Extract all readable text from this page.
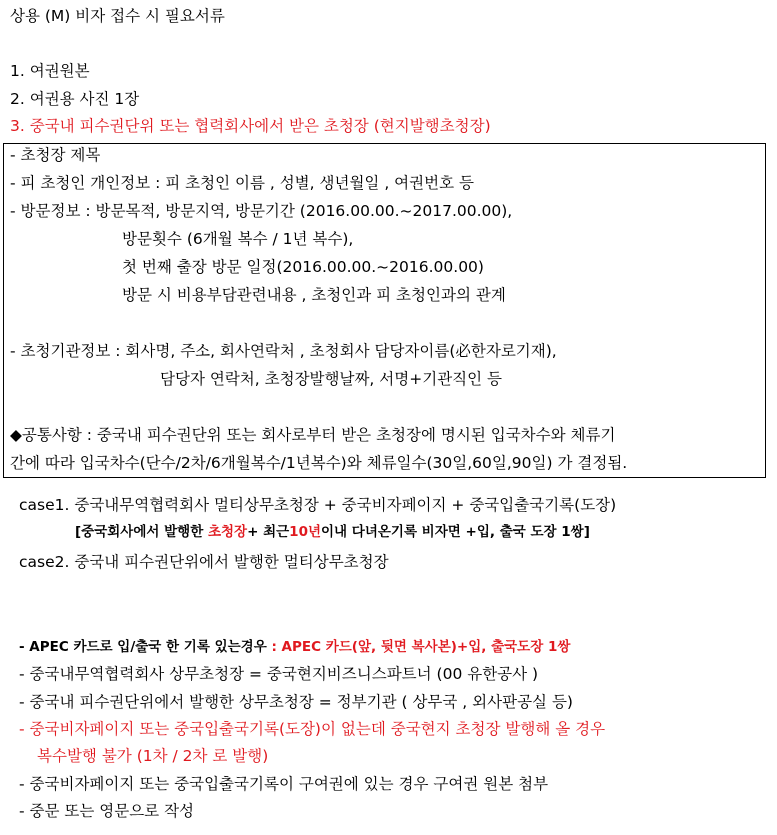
상용 (M) 비자 접수 시 필요서류
1. 여권원본
2. 여권용 사진 1장
3. 중국내 피수권단위 또는 협력회사에서 받은 초청장 (현지발행초청장)
- 초청장 제목
- 피 초청인 개인정보 : 피 초청인 이름 , 성별, 생년월일 , 여권번호 등
- 방문정보 : 방문목적, 방문지역, 방문기간 (2016.00.00.~2017.00.00),
방문횟수 (6개월 복수 / 1년 복수),
첫 번째 출장 방문 일정(2016.00.00.~2016.00.00)
방문 시 비용부담관련내용 , 초청인과 피 초청인과의 관계
- 초청기관정보 : 회사명, 주소, 회사연락처 , 초청회사 담당자이름(必한자로기재),
담당자 연락처, 초청장발행날짜, 서명+기관직인 등
◆공통사항 : 중국내 피수권단위 또는 회사로부터 받은 초청장에 명시된 입국차수와 체류기
간에 따라 입국차수(단수/2차/6개월복수/1년복수)와 체류일수(30일,60일,90일) 가 결정됨.
case1. 중국내무역협력회사 멀티상무초청장 + 중국비자페이지 + 중국입출국기록(도장)
[중국회사에서 발행한 초청장+ 최근10년이내 다녀온기록 비자면 +입, 출국 도장 1쌍]
case2. 중국내 피수권단위에서 발행한 멀티상무초청장
- APEC 카드로 입/출국 한 기록 있는경우 : APEC 카드(앞, 뒷면 복사본)+입, 출국도장 1쌍
- 중국내무역협력회사 상무초청장 = 중국현지비즈니스파트너 (00 유한공사 )
- 중국내 피수권단위에서 발행한 상무초청장 = 정부기관 ( 상무국 , 외사판공실 등)
- 중국비자페이지 또는 중국입출국기록(도장)이 없는데 중국현지 초청장 발행해 올 경우
복수발행 불가 (1차 / 2차 로 발행)
- 중국비자페이지 또는 중국입출국기록이 구여권에 있는 경우 구여권 원본 첨부
- 중문 또는 영문으로 작성
